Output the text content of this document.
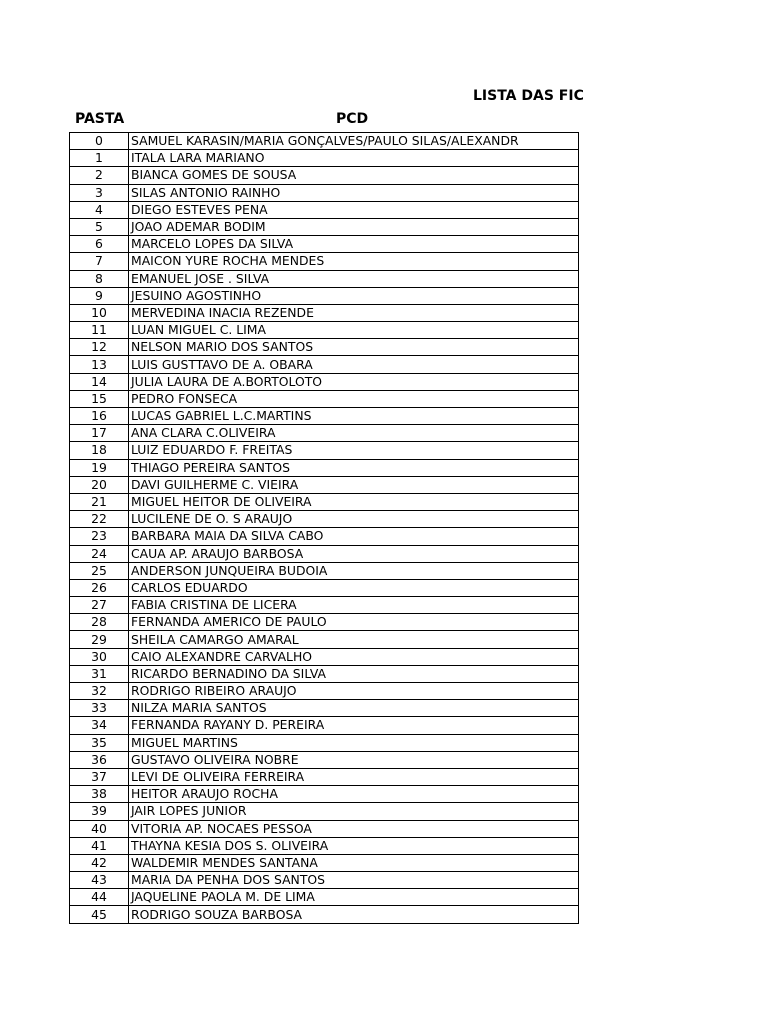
LISTA DAS FIC
PASTA	PCD
0	SAMUEL KARASIN/MARIA GONÇALVES/PAULO SILAS/ALEXANDR
1	ITALA LARA MARIANO
2	BIANCA GOMES DE SOUSA
3	SILAS ANTONIO RAINHO
4	DIEGO ESTEVES PENA
5	JOAO ADEMAR BODIM
6	MARCELO LOPES DA SILVA
7	MAICON YURE ROCHA MENDES
8	EMANUEL JOSE . SILVA
9	JESUINO AGOSTINHO
10	MERVEDINA INACIA REZENDE
11	LUAN MIGUEL C. LIMA
12	NELSON MARIO DOS SANTOS
13	LUIS GUSTTAVO DE A. OBARA
14	JULIA LAURA DE A.BORTOLOTO
15	PEDRO FONSECA
16	LUCAS GABRIEL L.C.MARTINS
17	ANA CLARA C.OLIVEIRA
18	LUIZ EDUARDO F. FREITAS
19	THIAGO PEREIRA SANTOS
20	DAVI GUILHERME C. VIEIRA
21	MIGUEL HEITOR DE OLIVEIRA
22	LUCILENE DE O. S ARAUJO
23	BARBARA MAIA DA SILVA CABO
24	CAUA AP. ARAUJO BARBOSA
25	ANDERSON JUNQUEIRA BUDOIA
26	CARLOS EDUARDO
27	FABIA CRISTINA DE LICERA
28	FERNANDA AMERICO DE PAULO
29	SHEILA CAMARGO AMARAL
30	CAIO ALEXANDRE CARVALHO
31	RICARDO BERNADINO DA SILVA
32	RODRIGO RIBEIRO ARAUJO
33	NILZA MARIA SANTOS
34	FERNANDA RAYANY D. PEREIRA
35	MIGUEL MARTINS
36	GUSTAVO OLIVEIRA NOBRE
37	LEVI DE OLIVEIRA FERREIRA
38	HEITOR ARAUJO ROCHA
39	JAIR LOPES JUNIOR
40	VITORIA AP. NOCAES PESSOA
41	THAYNA KESIA DOS S. OLIVEIRA
42	WALDEMIR MENDES SANTANA
43	MARIA DA PENHA DOS SANTOS
44	JAQUELINE PAOLA M. DE LIMA
45	RODRIGO SOUZA BARBOSA
